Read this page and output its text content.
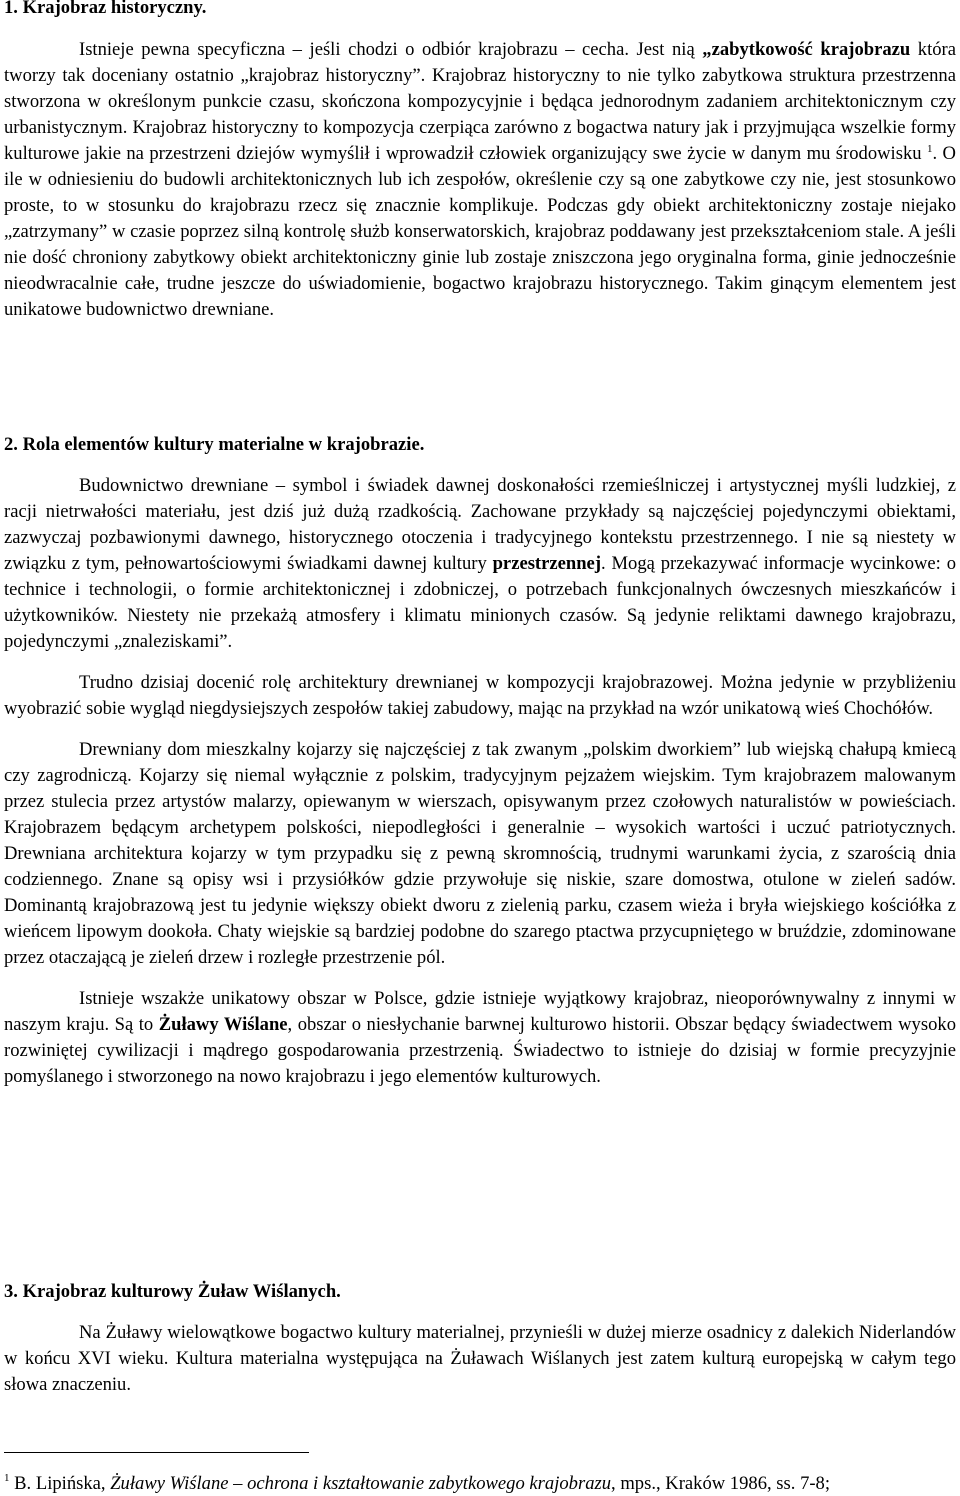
1. Krajobraz historyczny.

Istnieje pewna specyficzna – jeśli chodzi o odbiór krajobrazu – cecha. Jest nią „zabytkowość krajobrazu która tworzy tak doceniany ostatnio „krajobraz historyczny”. Krajobraz historyczny to nie tylko zabytkowa struktura przestrzenna stworzona w określonym punkcie czasu, skończona kompozycyjnie i będąca jednorodnym zadaniem architektonicznym czy urbanistycznym. Krajobraz historyczny to kompozycja czerpiąca zarówno z bogactwa natury jak i przyjmująca wszelkie formy kulturowe jakie na przestrzeni dziejów wymyślił i wprowadził człowiek organizujący swe życie w danym mu środowisku $^1$. O ile w odniesieniu do budowli architektonicznych lub ich zespołów, określenie czy są one zabytkowe czy nie, jest stosunkowo proste, to w stosunku do krajobrazu rzecz się znacznie komplikuje. Podczas gdy obiekt architektoniczny zostaje niejako „zatrzymany” w czasie poprzez silną kontrolę służb konserwatorskich, krajobraz poddawany jest przekształceniom stale. A jeśli nie dość chroniony zabytkowy obiekt architektoniczny ginie lub zostaje zniszczona jego oryginalna forma, ginie jednocześnie nieodwracalnie całe, trudne jeszcze do uświadomienie, bogactwo krajobrazu historycznego. Takim ginącym elementem jest unikatowe budownictwo drewniane.

2. Rola elementów kultury materialne w krajobrazie.

Budownictwo drewniane – symbol i świadek dawnej doskonałości rzemieślniczej i artystycznej myśli ludzkiej, z racji nietrwałości materiału, jest dziś już dużą rzadkością. Zachowane przykłady są najczęściej pojedynczymi obiektami, zazwyczaj pozbawionymi dawnego, historycznego otoczenia i tradycyjnego kontekstu przestrzennego. I nie są niestety w związku z tym, pełnowartościowymi świadkami dawnej kultury przestrzennej. Mogą przekazywać informacje wycinkowe: o technice i technologii, o formie architektonicznej i zdobniczej, o potrzebach funkcjonalnych ówczesnych mieszkańców i użytkowników. Niestety nie przekażą atmosfery i klimatu minionych czasów. Są jedynie reliktami dawnego krajobrazu, pojedynczymi „znaleziskami”.

Trudno dzisiaj docenić rolę architektury drewnianej w kompozycji krajobrazowej. Można jedynie w przybliżeniu wyobrazić sobie wygląd niegdysiejszych zespołów takiej zabudowy, mając na przykład na wzór unikatową wieś Chochółów.

Drewniany dom mieszkalny kojarzy się najczęściej z tak zwanym „polskim dworkiem” lub wiejską chałupą kmiecą czy zagrodniczą. Kojarzy się niemal wyłącznie z polskim, tradycyjnym pejzażem wiejskim. Tym krajobrazem malowanym przez stulecia przez artystów malarzy, opiewanym w wierszach, opisywanym przez czołowych naturalistów w powieściach. Krajobrazem będącym archetypem polskości, niepodległości i generalnie – wysokich wartości i uczuć patriotycznych. Drewniana architektura kojarzy w tym przypadku się z pewną skromnością, trudnymi warunkami życia, z szarością dnia codziennego. Znane są opisy wsi i przysiółków gdzie przywołuje się niskie, szare domostwa, otulone w zieleń sadów. Dominantą krajobrazową jest tu jedynie większy obiekt dworu z zielenią parku, czasem wieża i bryła wiejskiego kościółka z wieńcem lipowym dookoła. Chaty wiejskie są bardziej podobne do szarego ptactwa przycupniętego w bruździe, zdominowane przez otaczającą je zieleń drzew i rozległe przestrzenie pól.

Istnieje wszakże unikatowy obszar w Polsce, gdzie istnieje wyjątkowy krajobraz, nieoporównywalny z innymi w naszym kraju. Są to Żuławy Wiślane, obszar o niesłychanie barwnej kulturowo historii. Obszar będący świadectwem wysoko rozwiniętej cywilizacji i mądrego gospodarowania przestrzenią. Świadectwo to istnieje do dzisiaj w formie precyzyjnie pomyślanego i stworzonego na nowo krajobrazu i jego elementów kulturowych.

3. Krajobraz kulturowy Żuław Wiślanych.

Na Żuławy wielowątkowe bogactwo kultury materialnej, przynieśli w dużej mierze osadnicy z dalekich Niderlandów w końcu XVI wieku. Kultura materialna występująca na Żuławach Wiślanych jest zatem kulturą europejską w całym tego słowa znaczeniu.

$^1$ B. Lipińska, Żuławy Wiślane – ochrona i kształtowanie zabytkowego krajobrazu, mps., Kraków 1986, ss. 7-8;
